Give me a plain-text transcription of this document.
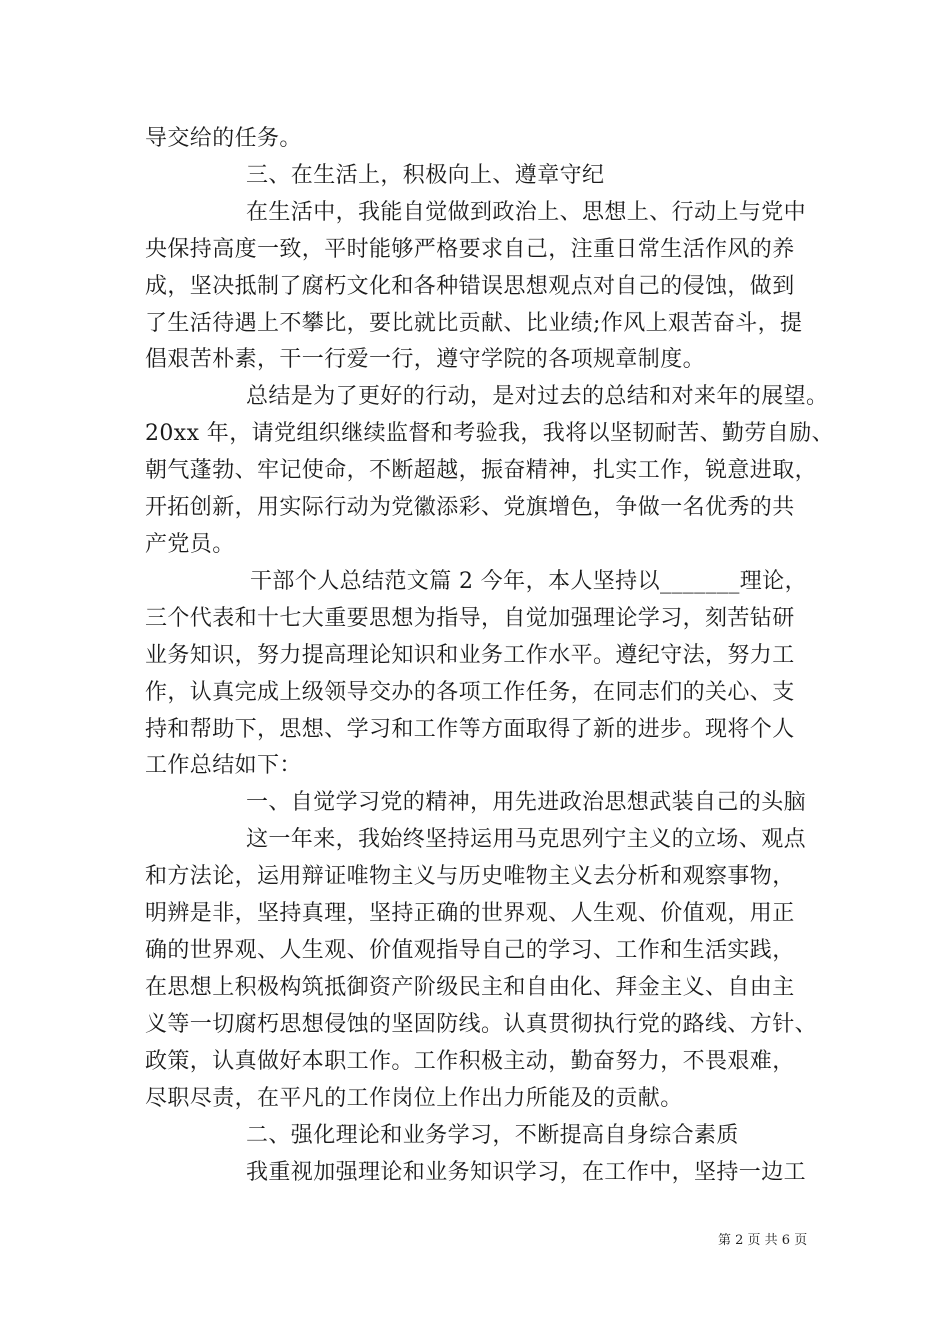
导交给的任务。
三、在生活上，积极向上、遵章守纪
在生活中，我能自觉做到政治上、思想上、行动上与党中
央保持高度一致，平时能够严格要求自己，注重日常生活作风的养
成，坚决抵制了腐朽文化和各种错误思想观点对自己的侵蚀，做到
了生活待遇上不攀比，要比就比贡献、比业绩;作风上艰苦奋斗，提
倡艰苦朴素，干一行爱一行，遵守学院的各项规章制度。
总结是为了更好的行动，是对过去的总结和对来年的展望。
20xx 年，请党组织继续监督和考验我，我将以坚韧耐苦、勤劳自励、
朝气蓬勃、牢记使命，不断超越，振奋精神，扎实工作，锐意进取，
开拓创新，用实际行动为党徽添彩、党旗增色，争做一名优秀的共
产党员。
干部个人总结范文篇 2 今年，本人坚持以_______理论，
三个代表和十七大重要思想为指导，自觉加强理论学习，刻苦钻研
业务知识，努力提高理论知识和业务工作水平。遵纪守法，努力工
作，认真完成上级领导交办的各项工作任务，在同志们的关心、支
持和帮助下，思想、学习和工作等方面取得了新的进步。现将个人
工作总结如下：
一、自觉学习党的精神，用先进政治思想武装自己的头脑
这一年来，我始终坚持运用马克思列宁主义的立场、观点
和方法论，运用辩证唯物主义与历史唯物主义去分析和观察事物，
明辨是非，坚持真理，坚持正确的世界观、人生观、价值观，用正
确的世界观、人生观、价值观指导自己的学习、工作和生活实践，
在思想上积极构筑抵御资产阶级民主和自由化、拜金主义、自由主
义等一切腐朽思想侵蚀的坚固防线。认真贯彻执行党的路线、方针、
政策，认真做好本职工作。工作积极主动，勤奋努力，不畏艰难，
尽职尽责，在平凡的工作岗位上作出力所能及的贡献。
二、强化理论和业务学习，不断提高自身综合素质
我重视加强理论和业务知识学习，在工作中，坚持一边工
第 2 页 共 6 页
